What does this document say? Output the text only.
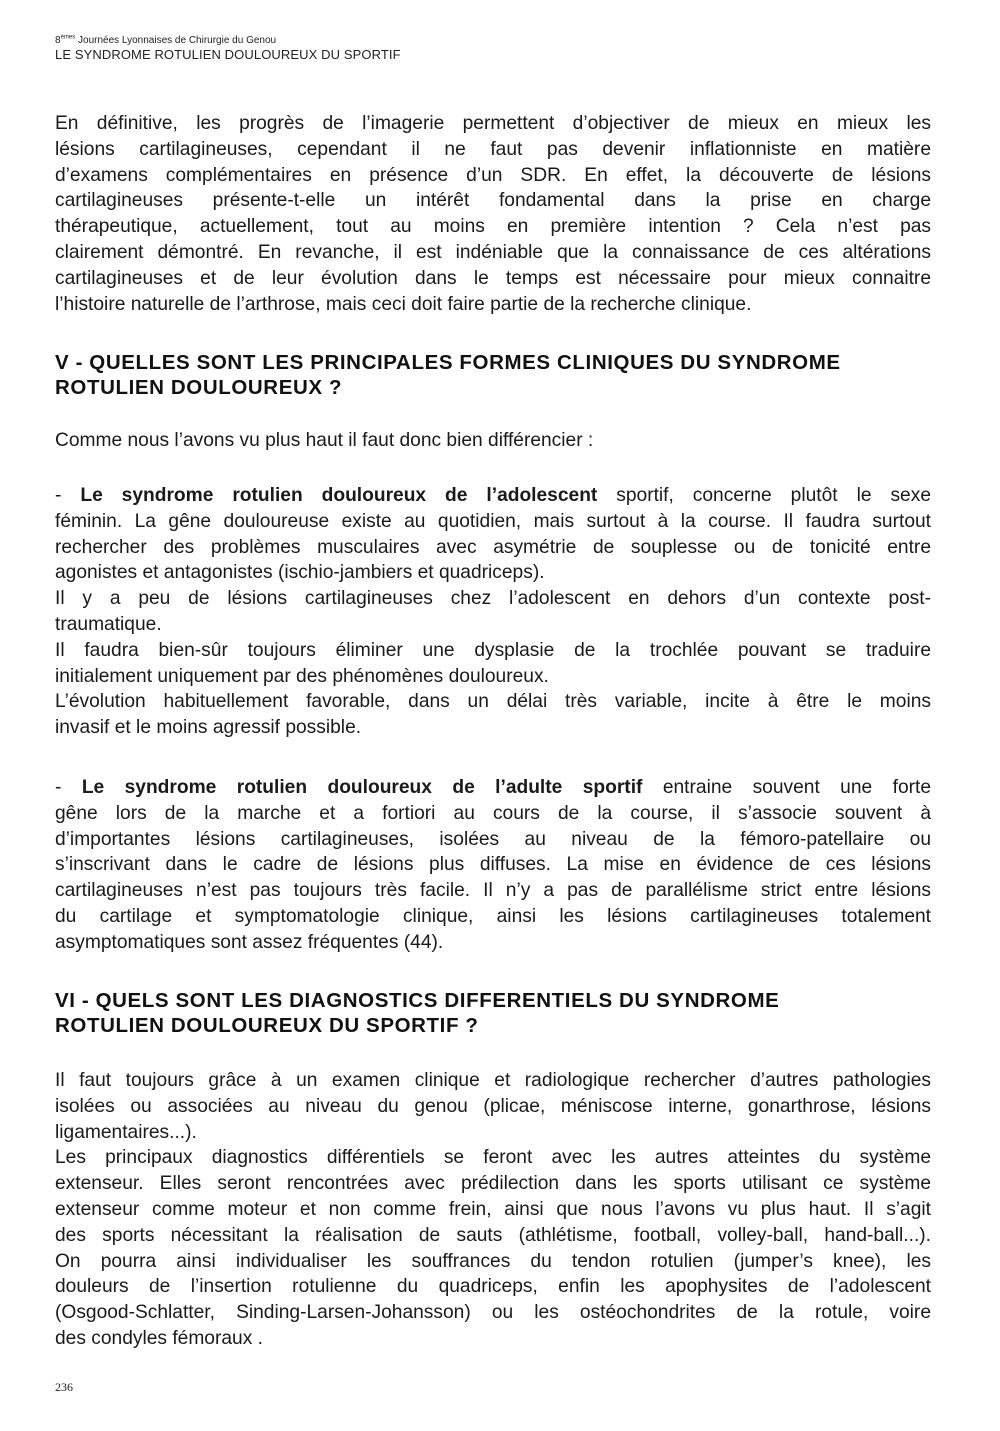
8èmes Journées Lyonnaises de Chirurgie du Genou
LE SYNDROME ROTULIEN DOULOUREUX DU SPORTIF
En définitive, les progrès de l’imagerie permettent d’objectiver de mieux en mieux les
lésions cartilagineuses, cependant il ne faut pas devenir inflationniste en matière
d’examens complémentaires en présence d’un SDR. En effet, la découverte de lésions
cartilagineuses présente-t-elle un intérêt fondamental dans la prise en charge
thérapeutique, actuellement, tout au moins en première intention ? Cela n’est pas
clairement démontré. En revanche, il est indéniable que la connaissance de ces altérations
cartilagineuses et de leur évolution dans le temps est nécessaire pour mieux connaitre
l’histoire naturelle de l’arthrose, mais ceci doit faire partie de la recherche clinique.
V - QUELLES SONT LES PRINCIPALES FORMES CLINIQUES DU SYNDROME
ROTULIEN DOULOUREUX ?
Comme nous l’avons vu plus haut il faut donc bien différencier :
- Le syndrome rotulien douloureux de l’adolescent sportif, concerne plutôt le sexe
féminin. La gêne douloureuse existe au quotidien, mais surtout à la course. Il faudra surtout
rechercher des problèmes musculaires avec asymétrie de souplesse ou de tonicité entre
agonistes et antagonistes (ischio-jambiers et quadriceps).
Il y a peu de lésions cartilagineuses chez l’adolescent en dehors d’un contexte post-
traumatique.
Il faudra bien-sûr toujours éliminer une dysplasie de la trochlée pouvant se traduire
initialement uniquement par des phénomènes douloureux.
L’évolution habituellement favorable, dans un délai très variable, incite à être le moins
invasif et le moins agressif possible.
- Le syndrome rotulien douloureux de l’adulte sportif entraine souvent une forte
gêne lors de la marche et a fortiori au cours de la course, il s’associe souvent à
d’importantes lésions cartilagineuses, isolées au niveau de la fémoro-patellaire ou
s’inscrivant dans le cadre de lésions plus diffuses. La mise en évidence de ces lésions
cartilagineuses n’est pas toujours très facile. Il n’y a pas de parallélisme strict entre lésions
du cartilage et symptomatologie clinique, ainsi les lésions cartilagineuses totalement
asymptomatiques sont assez fréquentes (44).
VI - QUELS SONT LES DIAGNOSTICS DIFFERENTIELS DU SYNDROME
ROTULIEN DOULOUREUX DU SPORTIF ?
Il faut toujours grâce à un examen clinique et radiologique rechercher d’autres pathologies
isolées ou associées au niveau du genou (plicae, méniscose interne, gonarthrose, lésions
ligamentaires...).
Les principaux diagnostics différentiels se feront avec les autres atteintes du système
extenseur. Elles seront rencontrées avec prédilection dans les sports utilisant ce système
extenseur comme moteur et non comme frein, ainsi que nous l’avons vu plus haut. Il s’agit
des sports nécessitant la réalisation de sauts (athlétisme, football, volley-ball, hand-ball...).
On pourra ainsi individualiser les souffrances du tendon rotulien (jumper’s knee), les
douleurs de l’insertion rotulienne du quadriceps, enfin les apophysites de l’adolescent
(Osgood-Schlatter, Sinding-Larsen-Johansson) ou les ostéochondrites de la rotule, voire
des condyles fémoraux .
236
